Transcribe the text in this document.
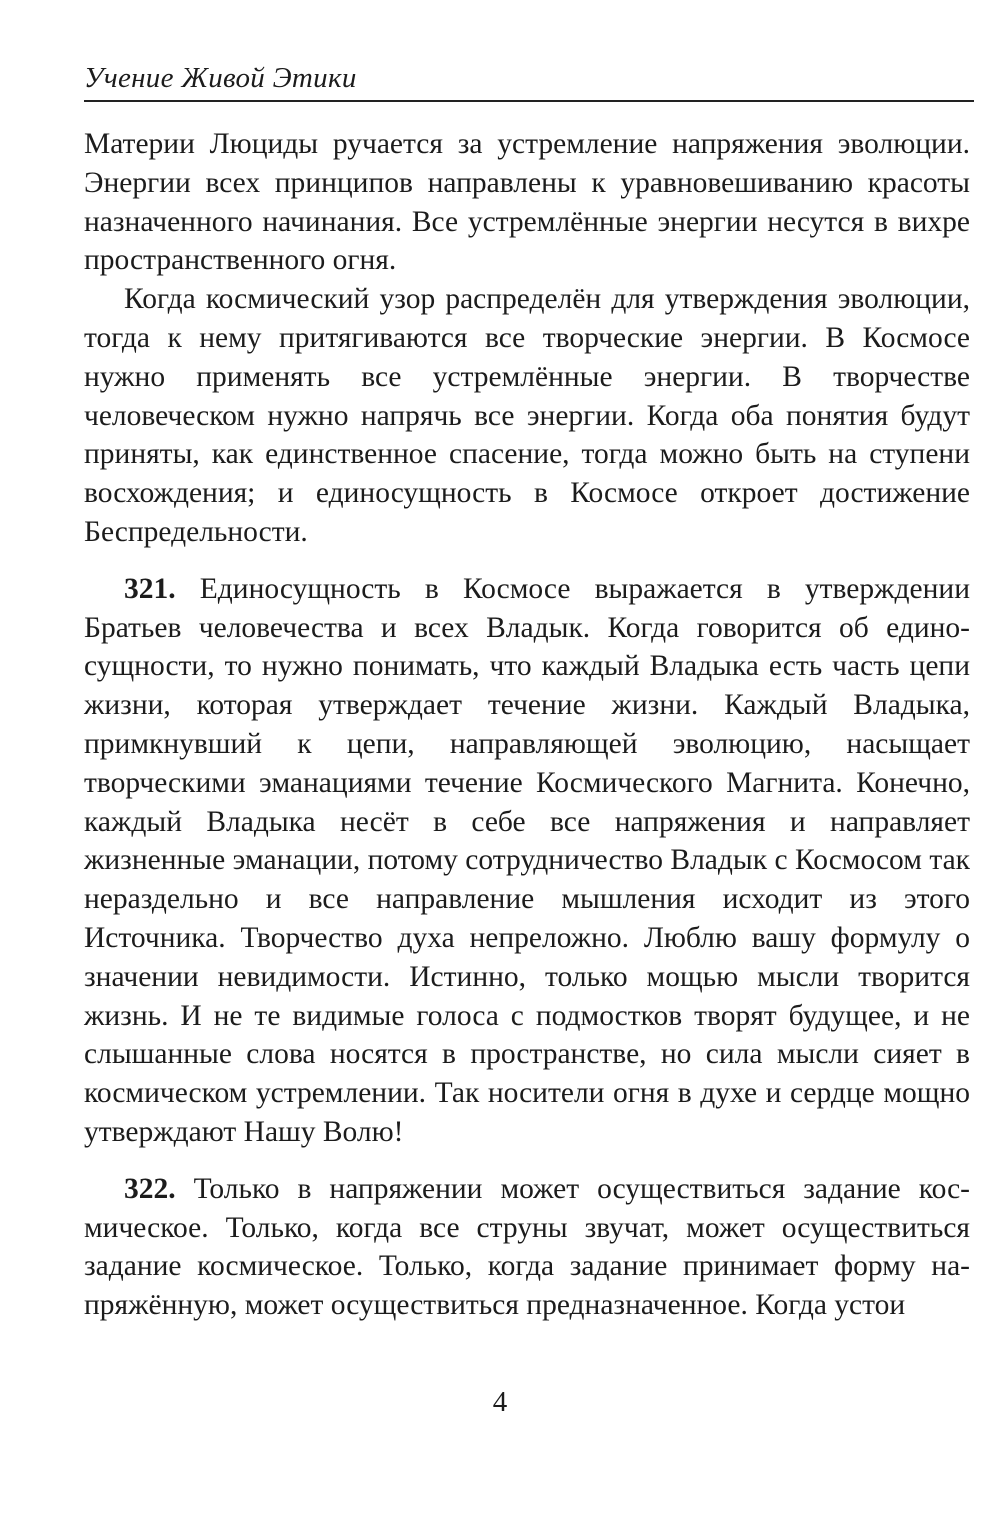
Учение Живой Этики

Материи Люциды ручается за устремление напряжения эволюции. Энергии всех принципов направлены к уравновешиванию красоты назначенного начинания. Все устремлённые энергии несутся в вихре пространственного огня.

Когда космический узор распределён для утверждения эволюции, тогда к нему притягиваются все творческие энергии. В Космосе нужно применять все устремлённые энергии. В творчестве человеческом нужно напрячь все энергии. Когда оба понятия будут приняты, как единственное спасение, тогда можно быть на ступени восхождения; и единосущность в Космосе откроет достижение Беспредельности.

321. Единосущность в Космосе выражается в утверждении Братьев человечества и всех Владык. Когда говорится об единосущности, то нужно понимать, что каждый Владыка есть часть цепи жизни, которая утверждает течение жизни. Каждый Владыка, примкнувший к цепи, направляющей эволюцию, насыщает творческими эманациями течение Космического Магнита. Конечно, каждый Владыка несёт в себе все напряжения и направляет жизненные эманации, потому сотрудничество Владык с Космосом так нераздельно и все направление мышления исходит из этого Источника. Творчество духа непреложно. Люблю вашу формулу о значении невидимости. Истинно, только мощью мысли творится жизнь. И не те видимые голоса с подмостков творят будущее, и не слышанные слова носятся в пространстве, но сила мысли сияет в космическом устремлении. Так носители огня в духе и сердце мощно утверждают Нашу Волю!

322. Только в напряжении может осуществиться задание космическое. Только, когда все струны звучат, может осуществиться задание космическое. Только, когда задание принимает форму напряжённую, может осуществиться предназначенное. Когда устои

4
